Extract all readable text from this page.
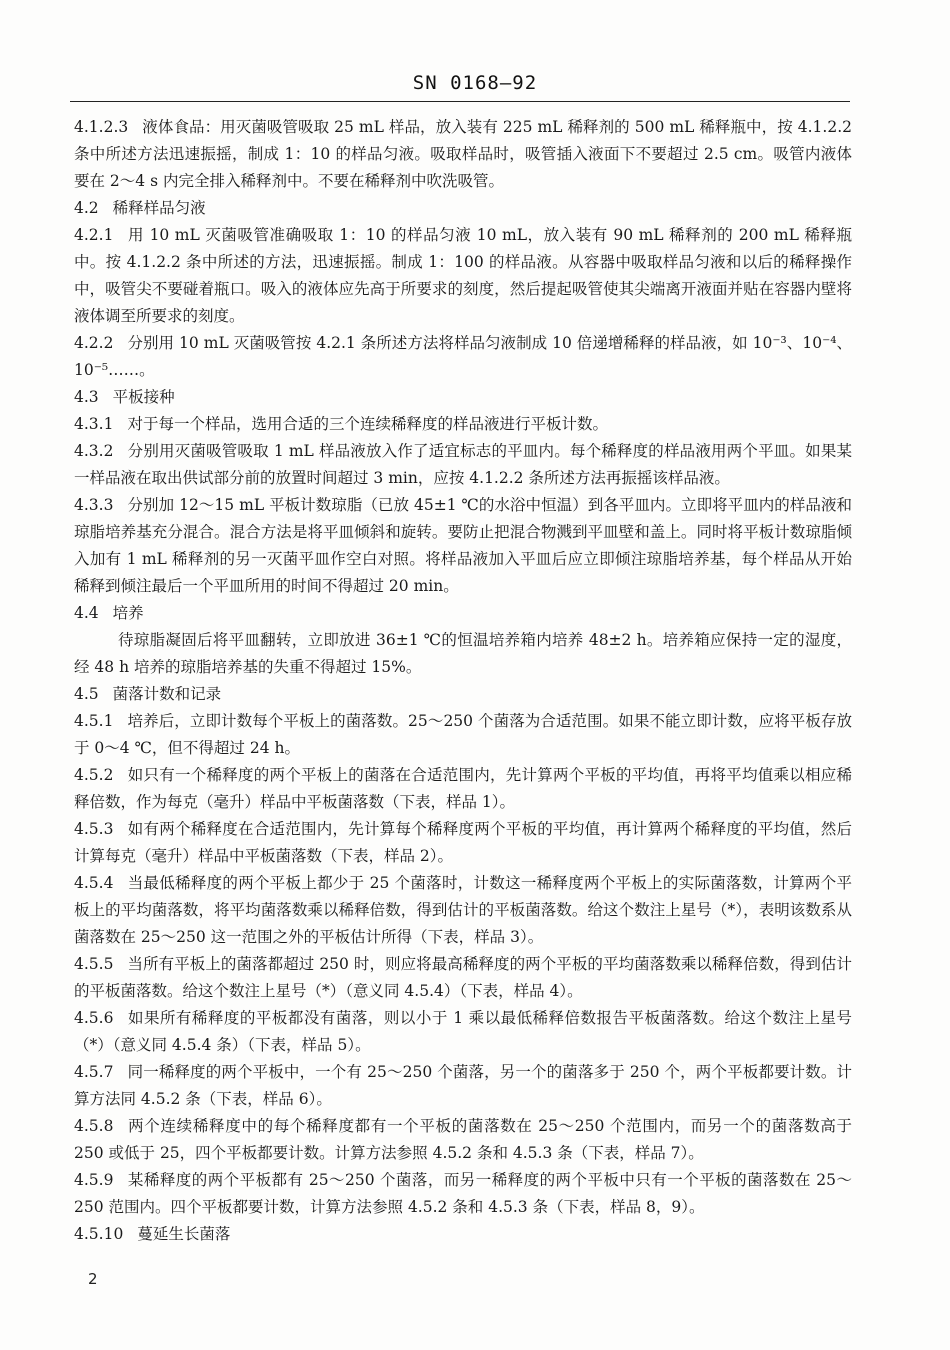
SN 0168—92

4.1.2.3 液体食品：用灭菌吸管吸取 25 mL 样品，放入装有 225 mL 稀释剂的 500 mL 稀释瓶中，按 4.1.2.2 条中所述方法迅速振摇，制成 1：10 的样品匀液。吸取样品时，吸管插入液面下不要超过 2.5 cm。吸管内液体要在 2～4 s 内完全排入稀释剂中。不要在稀释剂中吹洗吸管。

4.2 稀释样品匀液

4.2.1 用 10 mL 灭菌吸管准确吸取 1：10 的样品匀液 10 mL，放入装有 90 mL 稀释剂的 200 mL 稀释瓶中。按 4.1.2.2 条中所述的方法，迅速振摇。制成 1：100 的样品液。从容器中吸取样品匀液和以后的稀释操作中，吸管尖不要碰着瓶口。吸入的液体应先高于所要求的刻度，然后提起吸管使其尖端离开液面并贴在容器内壁将液体调至所要求的刻度。

4.2.2 分别用 10 mL 灭菌吸管按 4.2.1 条所述方法将样品匀液制成 10 倍递增稀释的样品液，如 10⁻³、10⁻⁴、10⁻⁵……。

4.3 平板接种

4.3.1 对于每一个样品，选用合适的三个连续稀释度的样品液进行平板计数。

4.3.2 分别用灭菌吸管吸取 1 mL 样品液放入作了适宜标志的平皿内。每个稀释度的样品液用两个平皿。如果某一样品液在取出供试部分前的放置时间超过 3 min，应按 4.1.2.2 条所述方法再振摇该样品液。

4.3.3 分别加 12～15 mL 平板计数琼脂（已放 45±1 ℃的水浴中恒温）到各平皿内。立即将平皿内的样品液和琼脂培养基充分混合。混合方法是将平皿倾斜和旋转。要防止把混合物溅到平皿壁和盖上。同时将平板计数琼脂倾入加有 1 mL 稀释剂的另一灭菌平皿作空白对照。将样品液加入平皿后应立即倾注琼脂培养基，每个样品从开始稀释到倾注最后一个平皿所用的时间不得超过 20 min。

4.4 培养

待琼脂凝固后将平皿翻转，立即放进 36±1 ℃的恒温培养箱内培养 48±2 h。培养箱应保持一定的湿度，经 48 h 培养的琼脂培养基的失重不得超过 15%。

4.5 菌落计数和记录

4.5.1 培养后，立即计数每个平板上的菌落数。25～250 个菌落为合适范围。如果不能立即计数，应将平板存放于 0～4 ℃，但不得超过 24 h。

4.5.2 如只有一个稀释度的两个平板上的菌落在合适范围内，先计算两个平板的平均值，再将平均值乘以相应稀释倍数，作为每克（毫升）样品中平板菌落数（下表，样品 1）。

4.5.3 如有两个稀释度在合适范围内，先计算每个稀释度两个平板的平均值，再计算两个稀释度的平均值，然后计算每克（毫升）样品中平板菌落数（下表，样品 2）。

4.5.4 当最低稀释度的两个平板上都少于 25 个菌落时，计数这一稀释度两个平板上的实际菌落数，计算两个平板上的平均菌落数，将平均菌落数乘以稀释倍数，得到估计的平板菌落数。给这个数注上星号（*），表明该数系从菌落数在 25～250 这一范围之外的平板估计所得（下表，样品 3）。

4.5.5 当所有平板上的菌落都超过 250 时，则应将最高稀释度的两个平板的平均菌落数乘以稀释倍数，得到估计的平板菌落数。给这个数注上星号（*）（意义同 4.5.4）（下表，样品 4）。

4.5.6 如果所有稀释度的平板都没有菌落，则以小于 1 乘以最低稀释倍数报告平板菌落数。给这个数注上星号（*）（意义同 4.5.4 条）（下表，样品 5）。

4.5.7 同一稀释度的两个平板中，一个有 25～250 个菌落，另一个的菌落多于 250 个，两个平板都要计数。计算方法同 4.5.2 条（下表，样品 6）。

4.5.8 两个连续稀释度中的每个稀释度都有一个平板的菌落数在 25～250 个范围内，而另一个的菌落数高于 250 或低于 25，四个平板都要计数。计算方法参照 4.5.2 条和 4.5.3 条（下表，样品 7）。

4.5.9 某稀释度的两个平板都有 25～250 个菌落，而另一稀释度的两个平板中只有一个平板的菌落数在 25～250 范围内。四个平板都要计数，计算方法参照 4.5.2 条和 4.5.3 条（下表，样品 8，9）。

4.5.10 蔓延生长菌落

2
